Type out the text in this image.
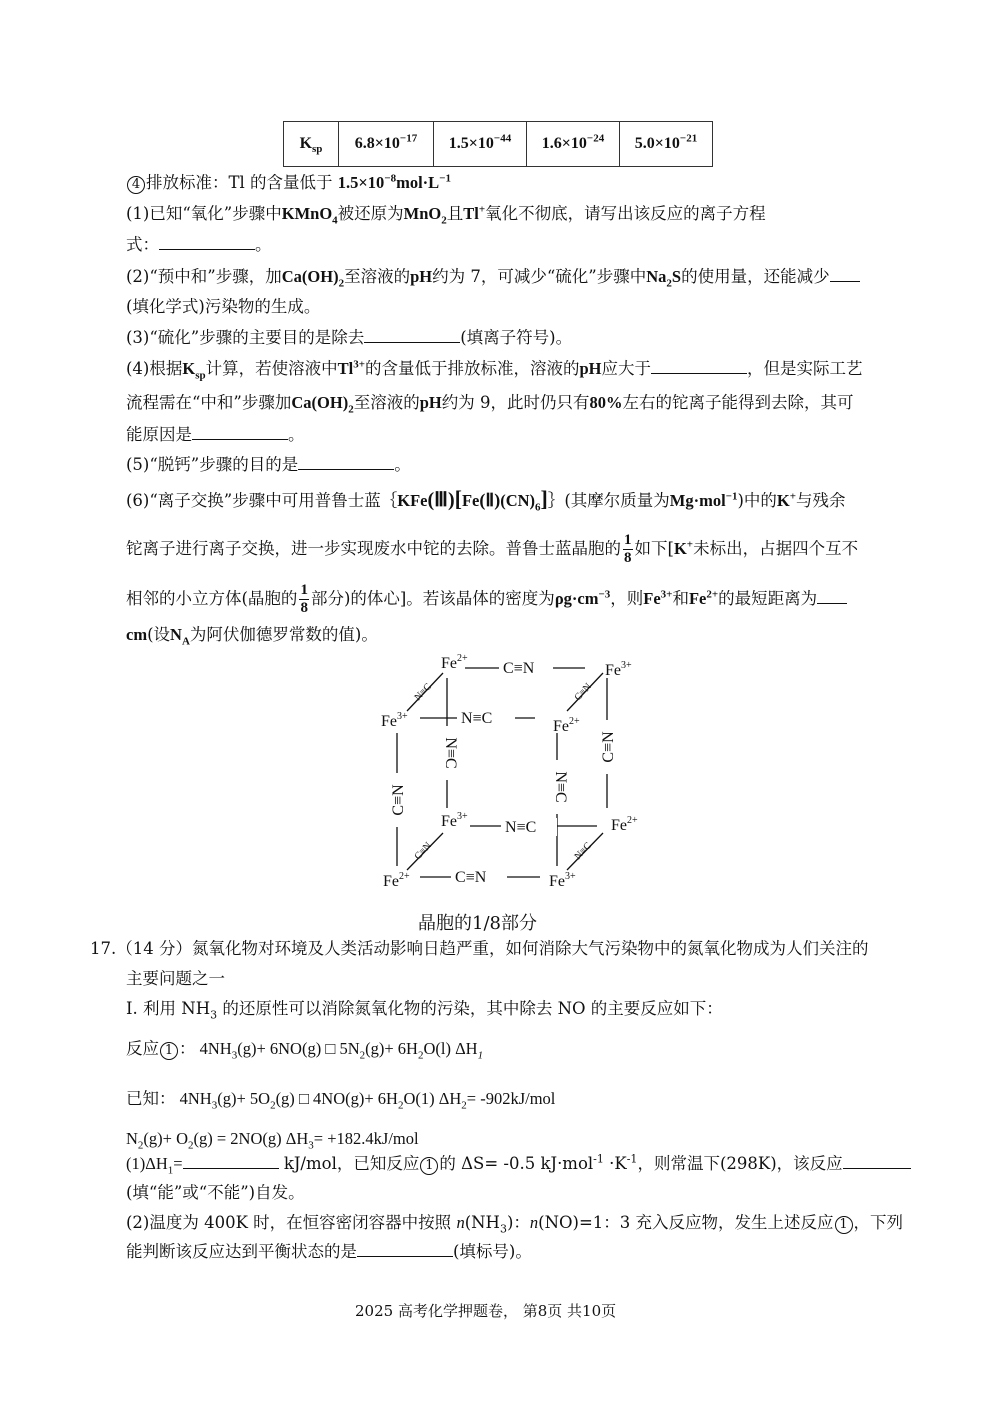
$K_{sp}$	$6.8\times 10^{-17}$	$1.5\times 10^{-44}$	$1.6\times 10^{-24}$	$5.0\times 10^{-21}$
4 排放标准：Tl 的含量低于 $1.5\times 10^{-8}mol\cdot L^{-1}$
(1)已知“氧化”步骤中KMnO$_4$被还原为MnO$_2$且Tl+氧化不彻底，请写出该反应的离子方程
式：	。
(2)“预中和”步骤，加$Ca(OH)_2$至溶液的pH约为 7，可减少“硫化”步骤中$Na_2S$的使用量，还能减少
(填化学式)污染物的生成。
(3)“硫化”步骤的主要目的是除去	(填离子符号)。
(4)根据$K_{sp}$计算，若使溶液中$Tl^{3+}$的含量低于排放标准，溶液的pH应大于	，但是实际工艺
流程需在“中和”步骤加$Ca(OH)_2$至溶液的pH约为 9，此时仍只有80%左右的铊离子能得到去除，其可
能原因是	。
(5)“脱钙”步骤的目的是	。
(6)“离子交换”步骤中可用普鲁士蓝$\{KFe(Ⅲ)[Fe(Ⅱ)(CN)_6]\}$(其摩尔质量为Mg·mol$^{-1}$)中的K+与残余
铊离子进行离子交换，进一步实现废水中铊的去除。普鲁士蓝晶胞的 $\frac{1}{8}$ 如下[K+未标出，占据四个互不
相邻的小立方体(晶胞的 $\frac{1}{8}$ 部分)的体心]。若该晶体的密度为$\rho g\cdot cm^{-3}$，则$Fe^{3+}$和$Fe^{2+}$的最短距离为
cm(设$N_A$为阿伏伽德罗常数的值)。
$Fe^{2+}$
$Fe^{3+}$
$Fe^{3+}$
$Fe^{2+}$
$Fe^{3+}$
$Fe^{2+}$
$Fe^{2+}$	$Fe^{3+}$
C≡N
N≡C
N≡C
C≡N
C≡N
N≡C
N≡C
C≡N
N≡C	C≡N
C≡N	N≡C
晶胞的1/8部分
17.（14 分）氮氧化物对环境及人类活动影响日趋严重，如何消除大气污染物中的氮氧化物成为人们关注的
主要问题之一
I. 利用 $NH_3$ 的还原性可以消除氮氧化物的污染，其中除去 NO 的主要反应如下：
反应 1 ： $4NH_3(g)+ 6NO(g)$ □ $5N_2(g)+ 6H_2O(l)$ $\Delta H_1$
已知： $4NH_3(g)+ 5O_2(g)$ □ $4NO(g)+ 6H_2O(1)$ $\Delta H_2= -902kJ/mol$
$N_2(g)+ O_2(g) = 2NO(g)$ $\Delta H_3= +182.4kJ/mol$
$(1)\Delta H_1=$	kJ/mol，已知反应 1 的 ΔS= -0.5 $kJ\cdot mol^{-1} \cdot K^{-1}$，则常温下(298K)，该反应
(填“能”或“不能”)自发。
(2)温度为 400K 时，在恒容密闭容器中按照 $n(NH_3)$：n(NO)=1：3 充入反应物，发生上述反应 1 ，下列
能判断该反应达到平衡状态的是	(填标号)。
2025 高考化学押题卷， 第8页 共10页
